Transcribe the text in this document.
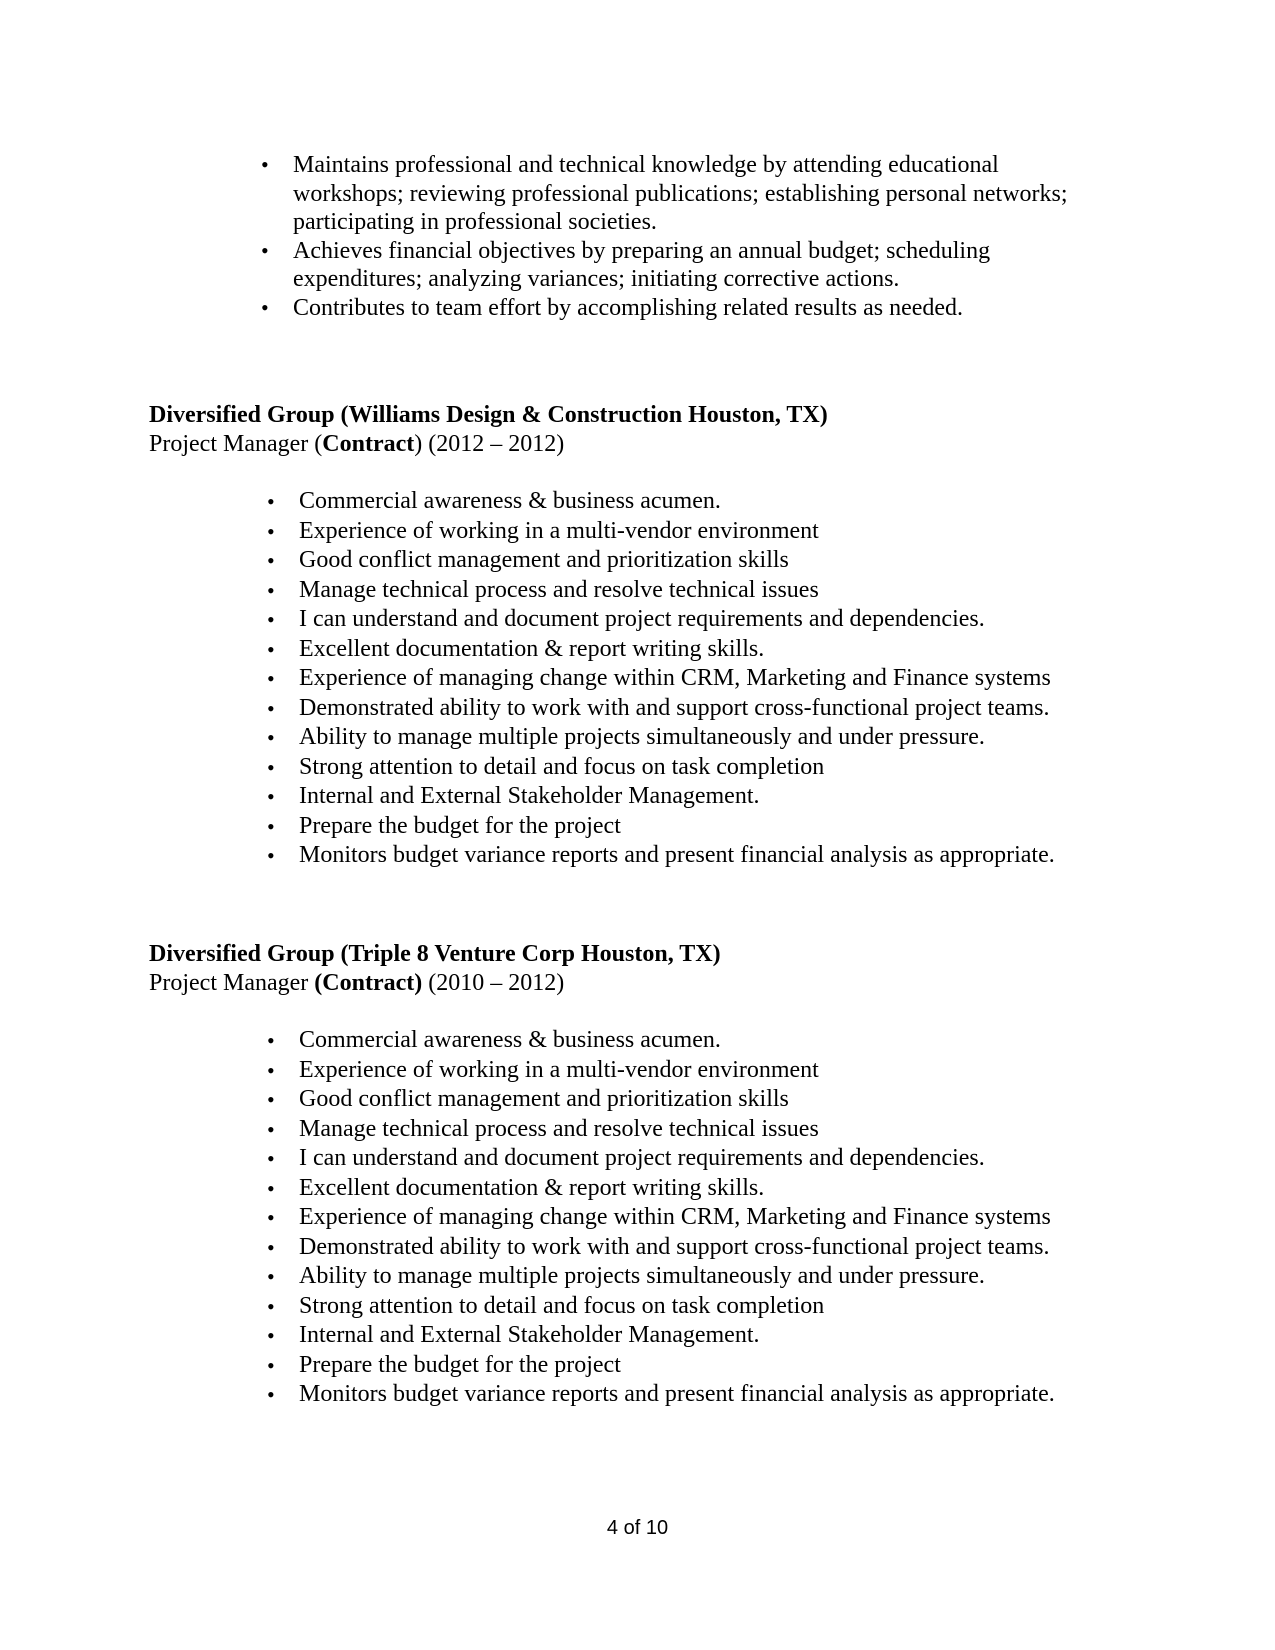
• Maintains professional and technical knowledge by attending educational workshops; reviewing professional publications; establishing personal networks; participating in professional societies.
• Achieves financial objectives by preparing an annual budget; scheduling expenditures; analyzing variances; initiating corrective actions.
• Contributes to team effort by accomplishing related results as needed.
Diversified Group (Williams Design & Construction Houston, TX)
Project Manager (Contract) (2012 – 2012)
• Commercial awareness & business acumen.
• Experience of working in a multi-vendor environment
• Good conflict management and prioritization skills
• Manage technical process and resolve technical issues
• I can understand and document project requirements and dependencies.
• Excellent documentation & report writing skills.
• Experience of managing change within CRM, Marketing and Finance systems
• Demonstrated ability to work with and support cross-functional project teams.
• Ability to manage multiple projects simultaneously and under pressure.
• Strong attention to detail and focus on task completion
• Internal and External Stakeholder Management.
• Prepare the budget for the project
• Monitors budget variance reports and present financial analysis as appropriate.
Diversified Group (Triple 8 Venture Corp Houston, TX)
Project Manager (Contract) (2010 – 2012)
• Commercial awareness & business acumen.
• Experience of working in a multi-vendor environment
• Good conflict management and prioritization skills
• Manage technical process and resolve technical issues
• I can understand and document project requirements and dependencies.
• Excellent documentation & report writing skills.
• Experience of managing change within CRM, Marketing and Finance systems
• Demonstrated ability to work with and support cross-functional project teams.
• Ability to manage multiple projects simultaneously and under pressure.
• Strong attention to detail and focus on task completion
• Internal and External Stakeholder Management.
• Prepare the budget for the project
• Monitors budget variance reports and present financial analysis as appropriate.
4 of 10
